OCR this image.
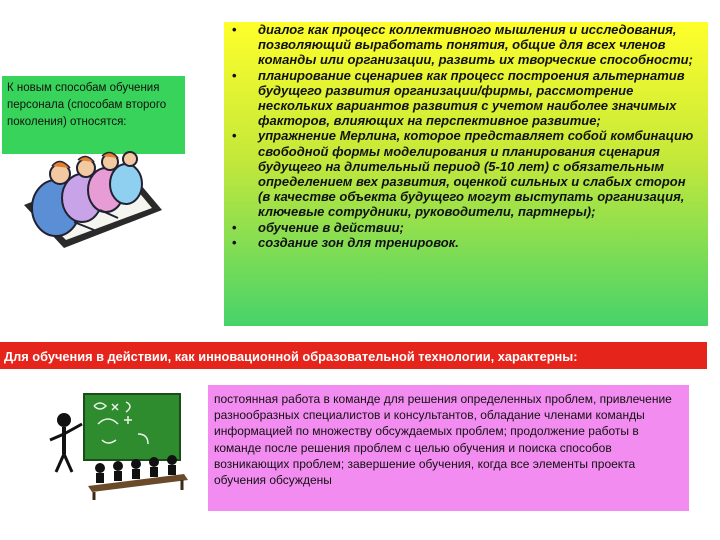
К новым способам обучения персонала (способам второго поколения) относятся:

• диалог как процесс коллективного мышления и исследования, позволяющий выработать понятия, общие для всех членов команды или организации, развить их творческие способности;
• планирование сценариев как процесс построения альтернатив будущего развития организации/фирмы, рассмотрение нескольких вариантов развития с учетом наиболее значимых факторов, влияющих на перспективное развитие;
• упражнение Мерлина, которое представляет собой комбинацию свободной формы моделирования и планирования сценария будущего на длительный период (5-10 лет) с обязательным определением вех развития, оценкой сильных и слабых сторон (в качестве объекта будущего могут выступать организация, ключевые сотрудники, руководители, партнеры);
• обучение в действии;
• создание зон для тренировок.
Для обучения в действии, как инновационной образовательной технологии, характерны:

постоянная работа в команде для решения определенных проблем, привлечение разнообразных специалистов и консультантов, обладание членами команды информацией по множеству обсуждаемых проблем; продолжение работы в команде после решения проблем с целью обучения и поиска способов возникающих проблем; завершение обучения, когда все элементы проекта обучения обсуждены
